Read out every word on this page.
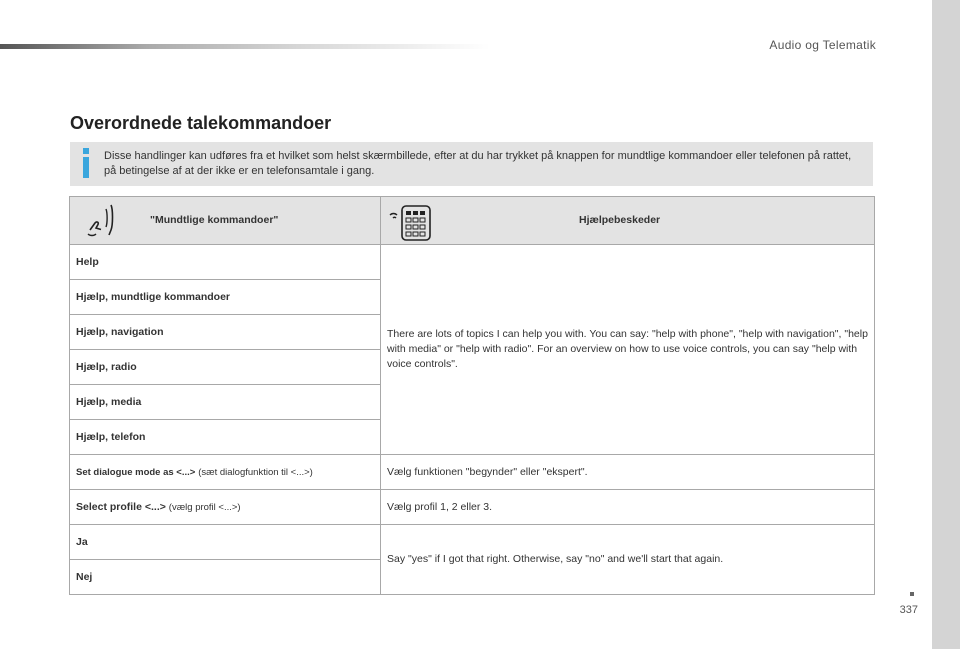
Audio og Telematik
Overordnede talekommandoer
Disse handlinger kan udføres fra et hvilket som helst skærmbillede, efter at du har trykket på knappen for mundtlige kommandoer eller telefonen på rattet, på betingelse af at der ikke er en telefonsamtale i gang.
"Mundtlige kommandoer"	Hjælpebeskeder

Help	There are lots of topics I can help you with. You can say: "help with phone", "help with navigation", "help with media" or "help with radio". For an overview on how to use voice controls, you can say "help with voice controls".
Hjælp, mundtlige kommandoer	
Hjælp, navigation	
Hjælp, radio	
Hjælp, media	
Hjælp, telefon	
Set dialogue mode as <...> (sæt dialogfunktion til <...>)	Vælg funktionen "begynder" eller "ekspert".
Select profile <...> (vælg profil <...>)	Vælg profil 1, 2 eller 3.
Ja	Say "yes" if I got that right. Otherwise, say "no" and we'll start that again.
Nej	
337
